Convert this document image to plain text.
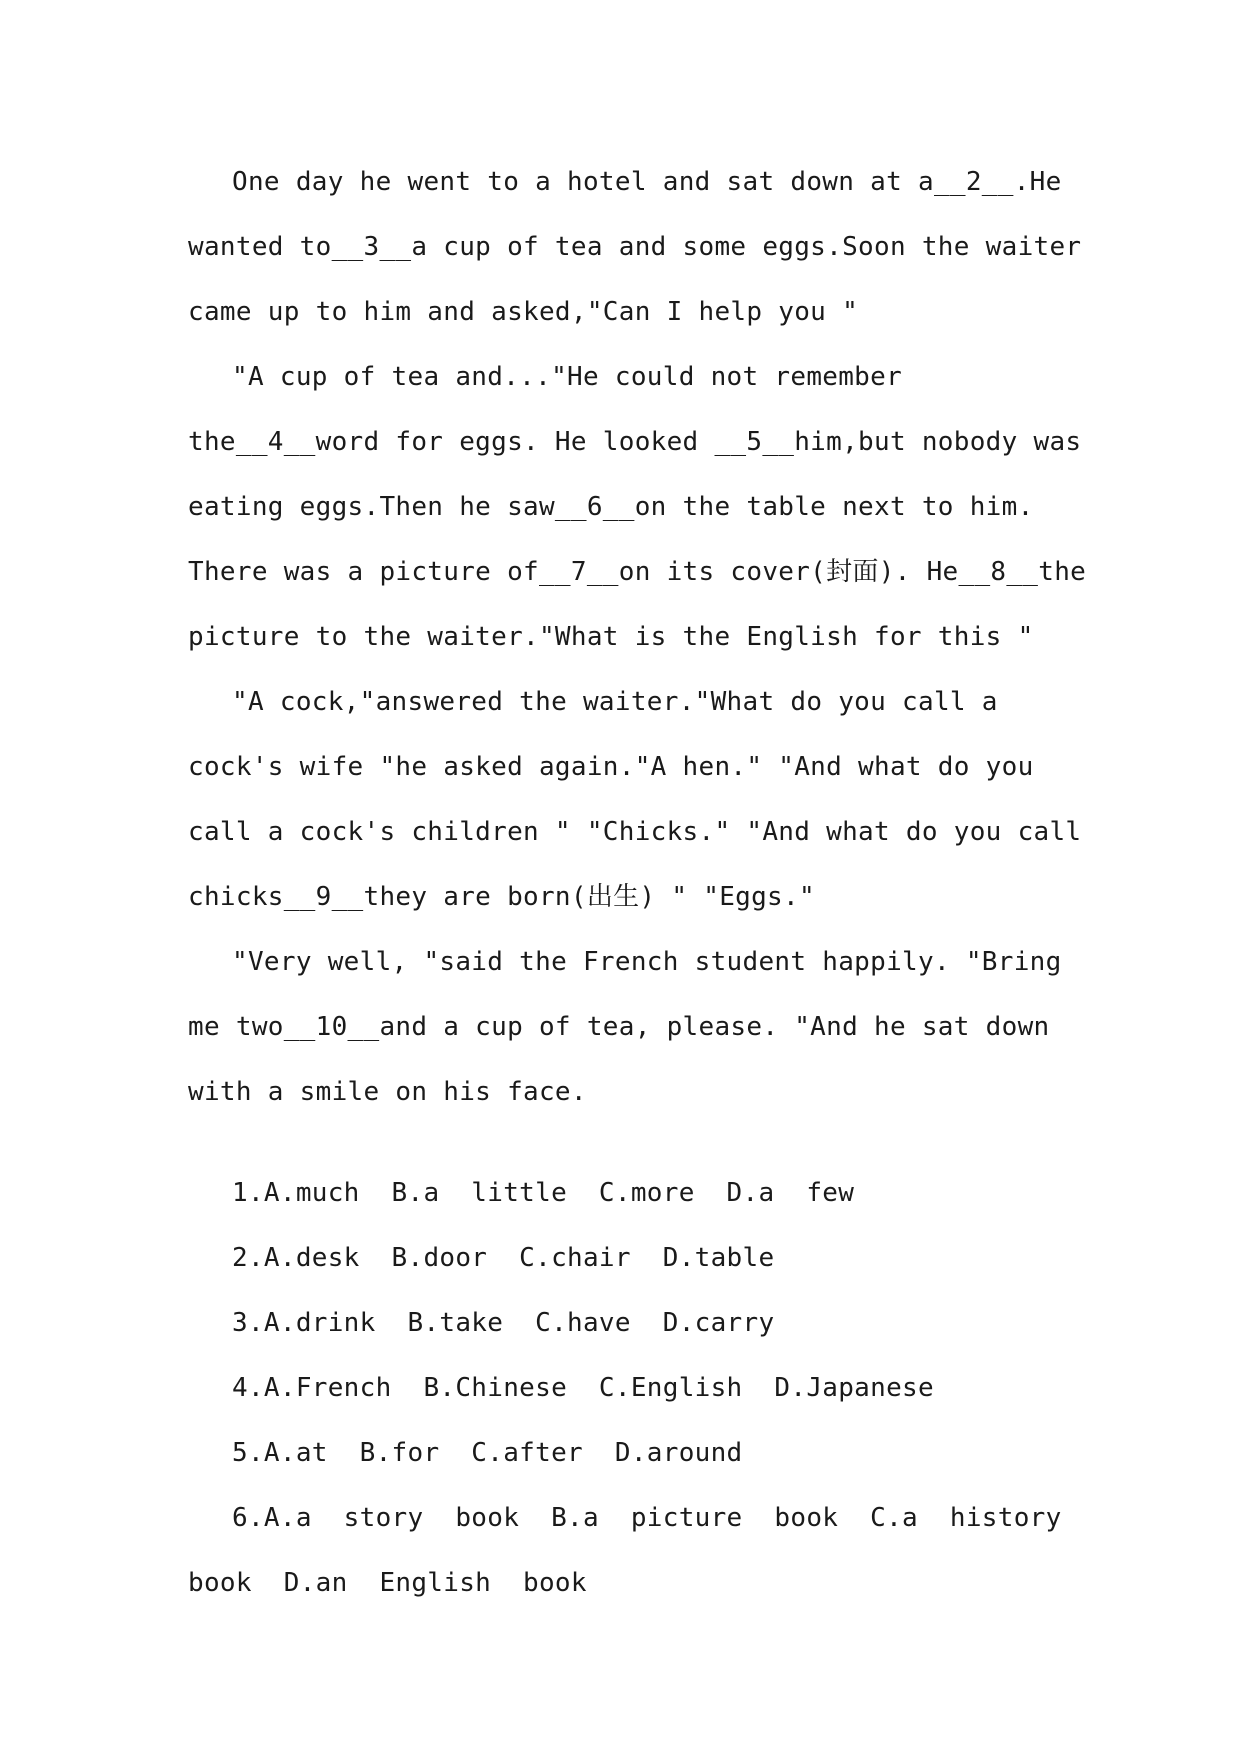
One day he went to a hotel and sat down at a__2__.He
wanted to__3__a cup of tea and some eggs.Soon the waiter
came up to him and asked,"Can I help you "
"A cup of tea and..."He could not remember
the__4__word for eggs. He looked __5__him,but nobody was
eating eggs.Then he saw__6__on the table next to him.
There was a picture of__7__on its cover(封面). He__8__the
picture to the waiter."What is the English for this "
"A cock,"answered the waiter."What do you call a
cock's wife "he asked again."A hen." "And what do you
call a cock's children " "Chicks." "And what do you call
chicks__9__they are born(出生) " "Eggs."
"Very well, "said the French student happily. "Bring
me two__10__and a cup of tea, please. "And he sat down
with a smile on his face.
1.A.much  B.a  little  C.more  D.a  few
2.A.desk  B.door  C.chair  D.table
3.A.drink  B.take  C.have  D.carry
4.A.French  B.Chinese  C.English  D.Japanese
5.A.at  B.for  C.after  D.around
6.A.a  story  book  B.a  picture  book  C.a  history
book  D.an  English  book
